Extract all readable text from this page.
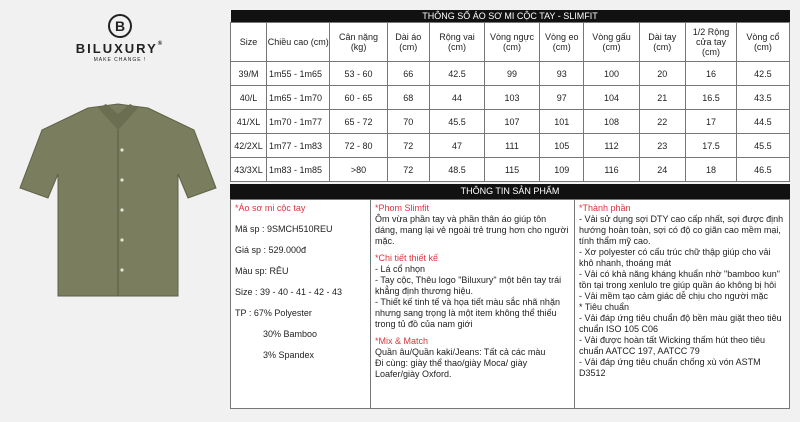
B
BILUXURY®
MAKE CHANGE !
THÔNG SỐ ÁO SƠ MI CỘC TAY - SLIMFIT										
Size	Chiều cao (cm)	Cân nặng (kg)	Dài áo (cm)	Rộng vai (cm)	Vòng ngực (cm)	Vòng eo (cm)	Vòng gấu (cm)	Dài tay (cm)	1/2 Rộng cửa tay (cm)	Vòng cổ (cm)
39/M	1m55 - 1m65	53 - 60	66	42.5	99	93	100	20	16	42.5
40/L	1m65 - 1m70	60 - 65	68	44	103	97	104	21	16.5	43.5
41/XL	1m70 - 1m77	65 - 72	70	45.5	107	101	108	22	17	44.5
42/2XL	1m77 - 1m83	72 - 80	72	47	111	105	112	23	17.5	45.5
43/3XL	1m83 - 1m85	>80	72	48.5	115	109	116	24	18	46.5
THÔNG TIN SẢN PHẨM
*Áo sơ mi cộc tay
Mã sp : 9SMCH510REU
Giá sp : 529.000đ
Màu sp: RÊU
Size : 39 - 40 - 41 - 42 - 43
TP : 67% Polyester
30% Bamboo
3% Spandex
*Phom Slimfit
Ôm vừa phần tay và phần thân áo giúp tôn dáng, mang lại vẻ ngoài trẻ trung hơn cho người mặc.
*Chi tiết thiết kế
- Lá cổ nhọn
- Tay cộc, Thêu logo "Biluxury" một bên tay trái khẳng định thương hiệu.
- Thiết kế tinh tế và họa tiết màu sắc nhã nhặn nhưng sang trọng là một item không thể thiếu trong tủ đồ của nam giới
*Mix & Match
Quần âu/Quần kaki/Jeans: Tất cả các màu
Đi cùng: giày thể thao/giày Moca/ giày Loafer/giày Oxford.
*Thành phần
- Vải sử dụng sợi DTY cao cấp nhất, sợi được định hướng hoàn toàn, sợi có độ co giãn cao mềm mại, tính thẩm mỹ cao.
- Xơ polyester có cấu trúc chữ thập giúp cho vải khô nhanh, thoáng mát
- Vải có khả năng kháng khuẩn nhờ "bamboo kun" tồn tại trong xenlulo tre giúp quần áo không bị hôi
- Vải mềm tạo cảm giác dễ chịu cho người mặc
* Tiêu chuẩn
- Vải đáp ứng tiêu chuẩn độ bền màu giặt theo tiêu chuẩn ISO 105 C06
- Vải được hoàn tất Wicking thấm hút theo tiêu chuẩn AATCC 197, AATCC 79
- Vải đáp ứng tiêu chuẩn chống xù vón ASTM D3512
